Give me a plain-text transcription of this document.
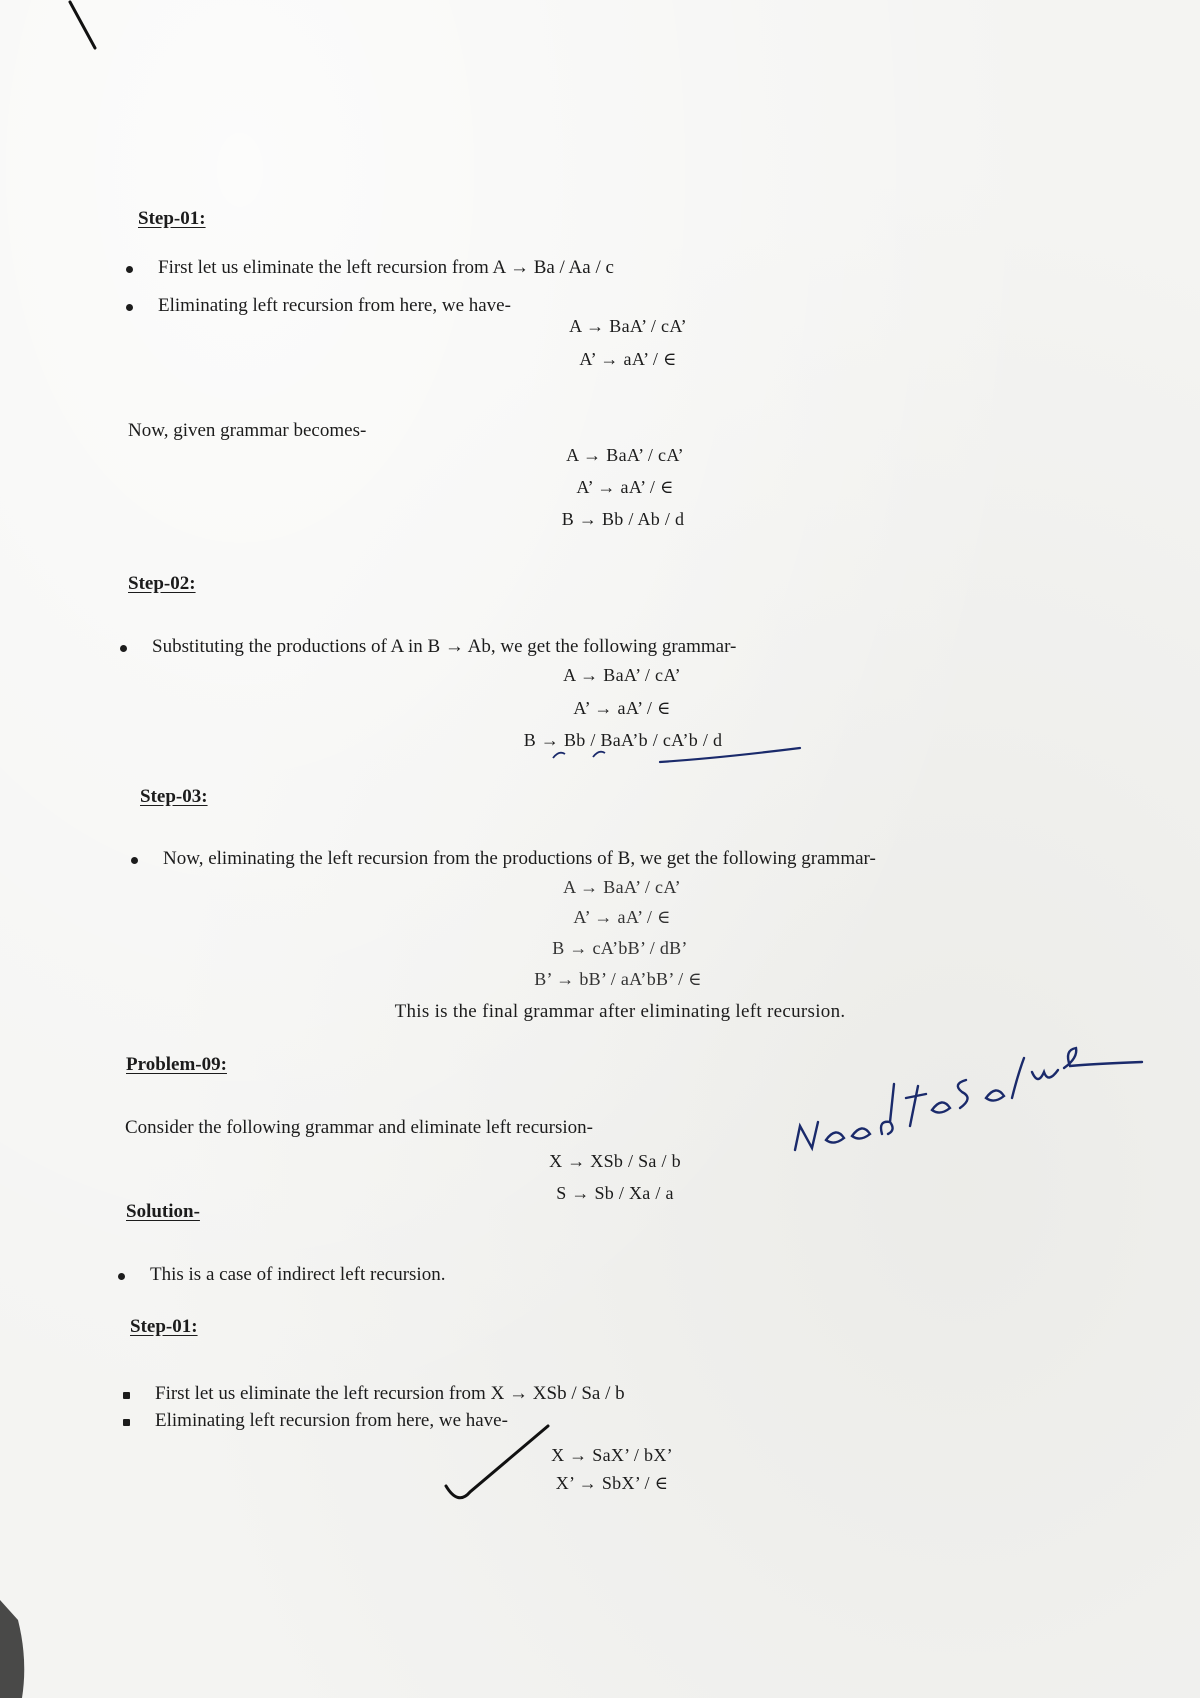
Step-01:
First let us eliminate the left recursion from A → Ba / Aa / c
Eliminating left recursion from here, we have-
A → BaA’ / cA’
A’ → aA’ / ∈
Now, given grammar becomes-
A → BaA’ / cA’
A’ → aA’ / ∈
B → Bb / Ab / d
Step-02:
Substituting the productions of A in B → Ab, we get the following grammar-
A → BaA’ / cA’
A’ → aA’ / ∈
B → Bb / BaA’b / cA’b / d
Step-03:
Now, eliminating the left recursion from the productions of B, we get the following grammar-
A → BaA’ / cA’
A’ → aA’ / ∈
B → cA’bB’ / dB’
B’ → bB’ / aA’bB’ / ∈
This is the final grammar after eliminating left recursion.
Problem-09:
Consider the following grammar and eliminate left recursion-
X → XSb / Sa / b
S → Sb / Xa / a
Solution-
This is a case of indirect left recursion.
Step-01:
First let us eliminate the left recursion from X → XSb / Sa / b
Eliminating left recursion from here, we have-
X → SaX’ / bX’
X’ → SbX’ / ∈
